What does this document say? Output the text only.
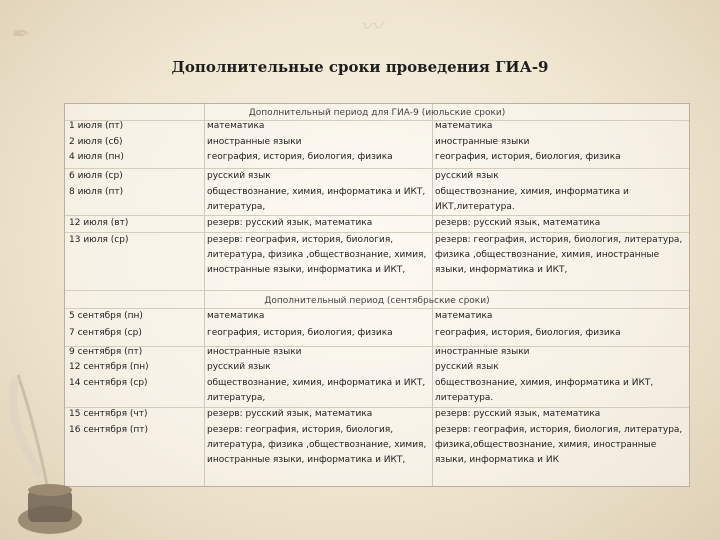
✒	〰
Дополнительные сроки проведения ГИА-9
Дополнительный период для ГИА-9 (июльские сроки)
1 июля (пт)
2 июля (сб)
4 июля (пн)
6 июля (ср)
8 июля (пт)
12 июля (вт)
13 июля (ср)
математика
иностранные языки
география, история, биология, физика
русский язык
обществознание, химия, информатика и ИКТ,
литература,
резерв: русский язык, математика
резерв: география, история, биология,
литература, физика ,обществознание, химия,
иностранные языки, информатика и ИКТ,
математика
иностранные языки
география, история, биология, физика
русский язык
обществознание, химия, информатика и
ИКТ,литература.
резерв: русский язык, математика
резерв: география, история, биология, литература,
физика ,обществознание, химия, иностранные
языки, информатика и ИКТ,
Дополнительный период (сентябрьские сроки)
5 сентября (пн)
7 сентября (ср)
9 сентября (пт)
12 сентября (пн)
14 сентября (ср)
15 сентября (чт)
16 сентября (пт)
математика
география, история, биология, физика
иностранные языки
русский язык
обществознание, химия, информатика и ИКТ,
литература,
резерв: русский язык, математика
резерв: география, история, биология,
литература, физика ,обществознание, химия,
иностранные языки, информатика и ИКТ,
математика
география, история, биология, физика
иностранные языки
русский язык
обществознание, химия, информатика и ИКТ,
литература.
резерв: русский язык, математика
резерв: география, история, биология, литература,
физика,обществознание, химия, иностранные
языки, информатика и ИК
